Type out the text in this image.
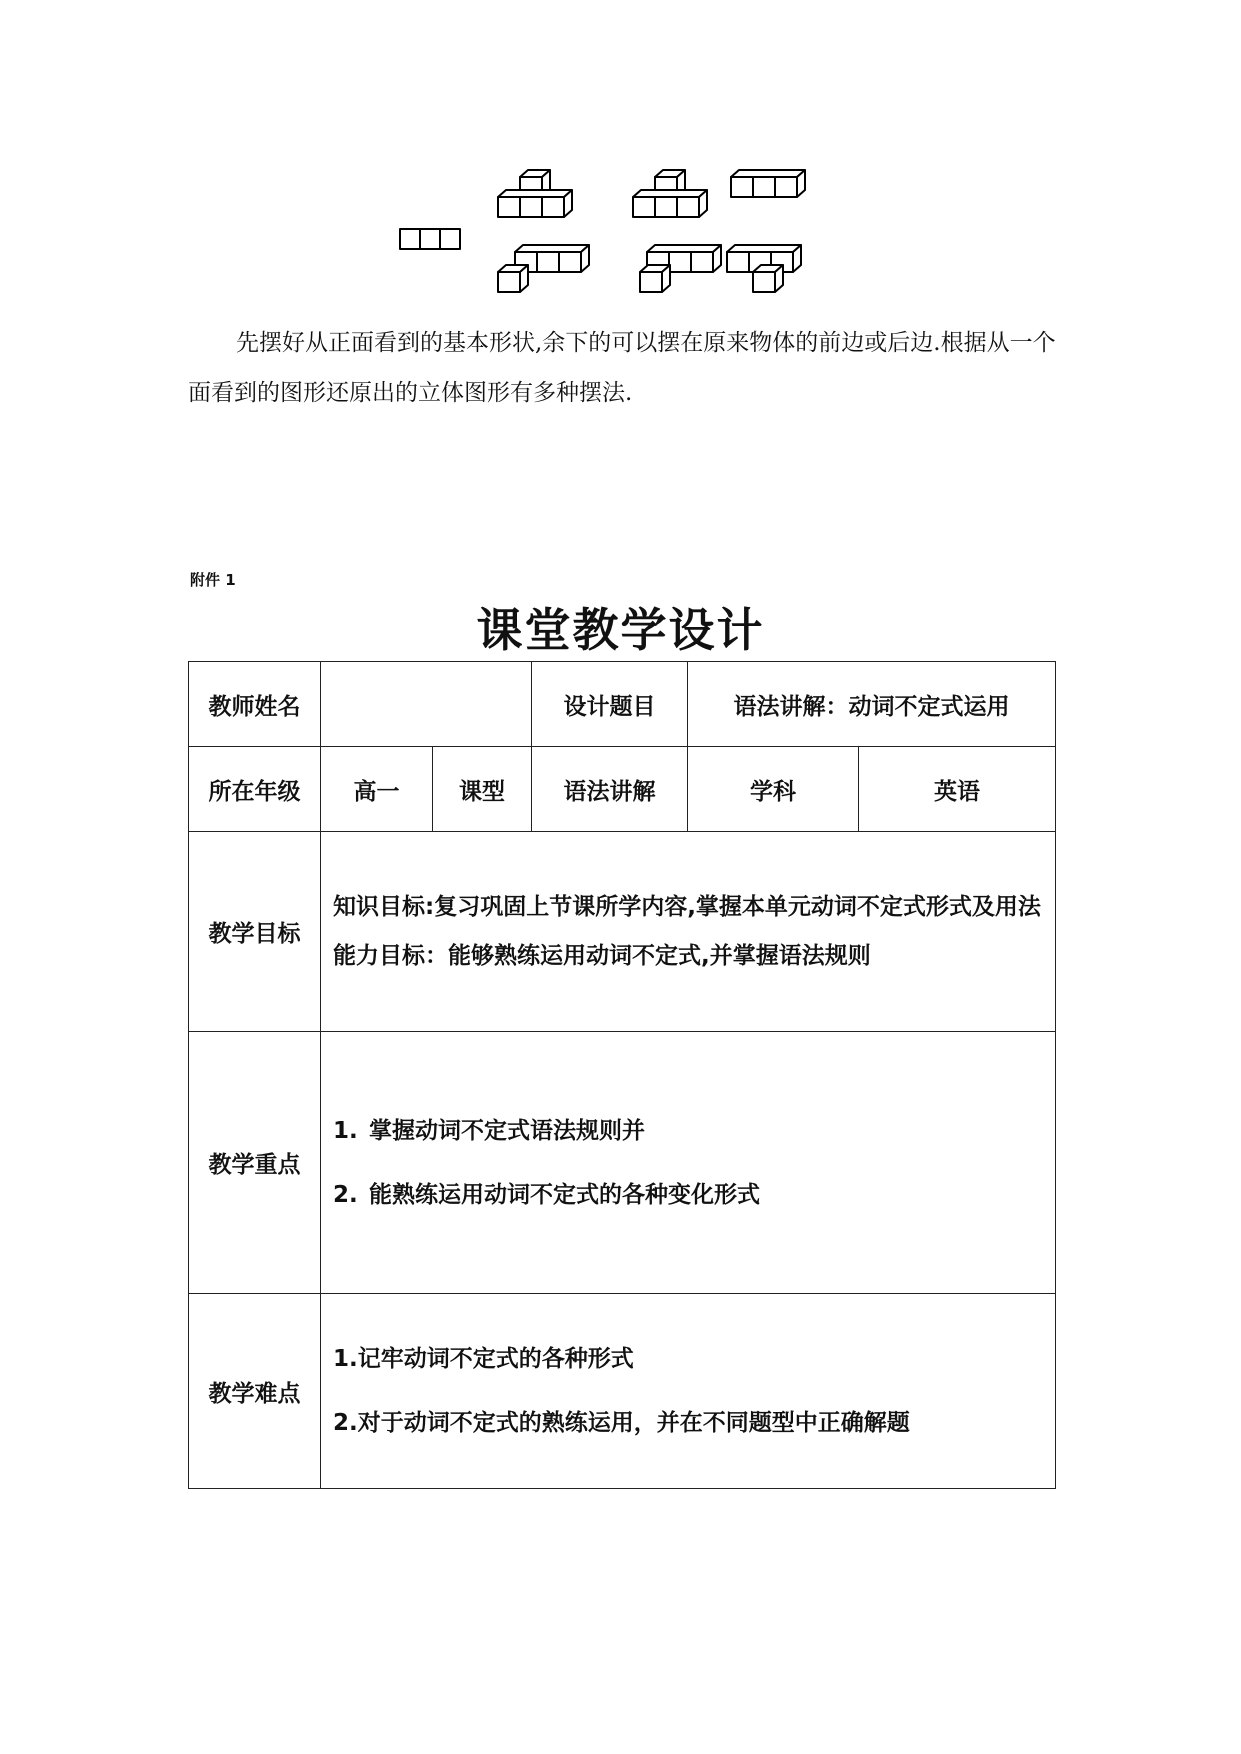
先摆好从正面看到的基本形状,余下的可以摆在原来物体的前边或后边.根据从一个面看到的图形还原出的立体图形有多种摆法.

附件 1
课堂教学设计
教师姓名			设计题目	语法讲解：动词不定式运用	
所在年级	高一	课型	语法讲解	学科	英语
教学目标	知识目标:复习巩固上节课所学内容,掌握本单元动词不定式形式及用法

能力目标：能够熟练运用动词不定式,并掌握语法规则				

教学重点	1. 掌握动词不定式语法规则并

2. 能熟练运用动词不定式的各种变化形式				

教学难点	1.记牢动词不定式的各种形式

2.对于动词不定式的熟练运用，并在不同题型中正确解题				
